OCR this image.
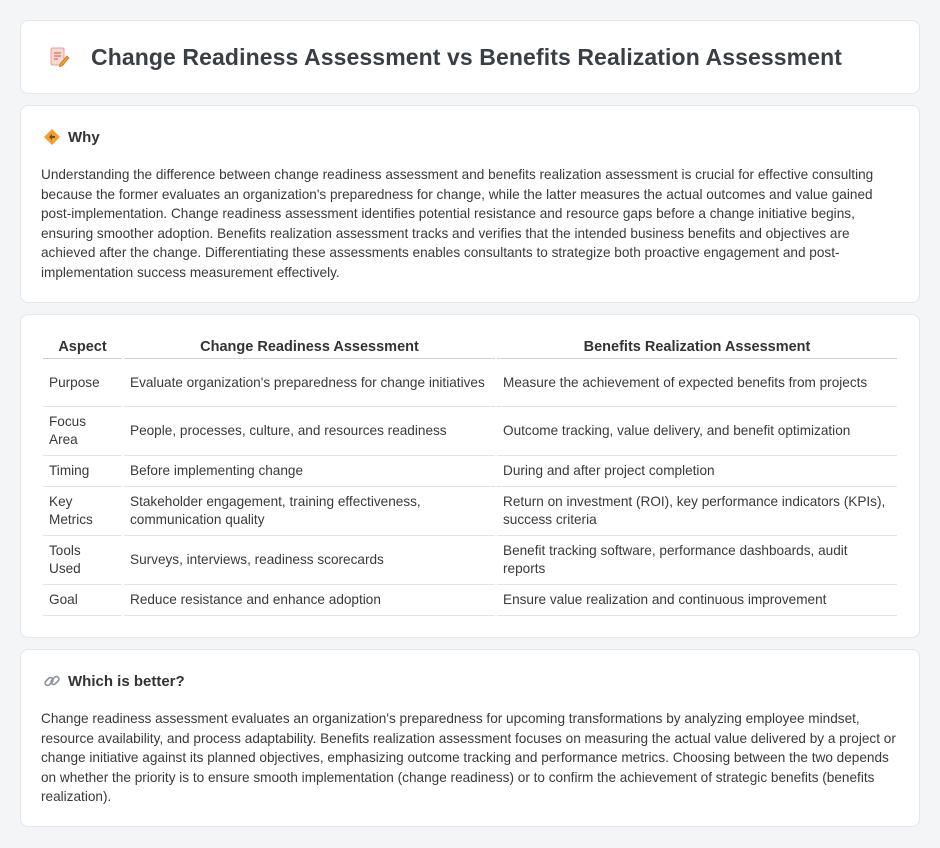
Change Readiness Assessment vs Benefits Realization Assessment
Why

Understanding the difference between change readiness assessment and benefits realization assessment is crucial for effective consulting because the former evaluates an organization's preparedness for change, while the latter measures the actual outcomes and value gained post-implementation. Change readiness assessment identifies potential resistance and resource gaps before a change initiative begins, ensuring smoother adoption. Benefits realization assessment tracks and verifies that the intended business benefits and objectives are achieved after the change. Differentiating these assessments enables consultants to strategize both proactive engagement and post-implementation success measurement effectively.

Aspect	Change Readiness Assessment	Benefits Realization Assessment
Purpose	Evaluate organization's preparedness for change initiatives	Measure the achievement of expected benefits from projects
Focus Area	People, processes, culture, and resources readiness	Outcome tracking, value delivery, and benefit optimization
Timing	Before implementing change	During and after project completion
Key Metrics	Stakeholder engagement, training effectiveness, communication quality	Return on investment (ROI), key performance indicators (KPIs), success criteria
Tools Used	Surveys, interviews, readiness scorecards	Benefit tracking software, performance dashboards, audit reports
Goal	Reduce resistance and enhance adoption	Ensure value realization and continuous improvement
Which is better?

Change readiness assessment evaluates an organization's preparedness for upcoming transformations by analyzing employee mindset, resource availability, and process adaptability. Benefits realization assessment focuses on measuring the actual value delivered by a project or change initiative against its planned objectives, emphasizing outcome tracking and performance metrics. Choosing between the two depends on whether the priority is to ensure smooth implementation (change readiness) or to confirm the achievement of strategic benefits (benefits realization).
